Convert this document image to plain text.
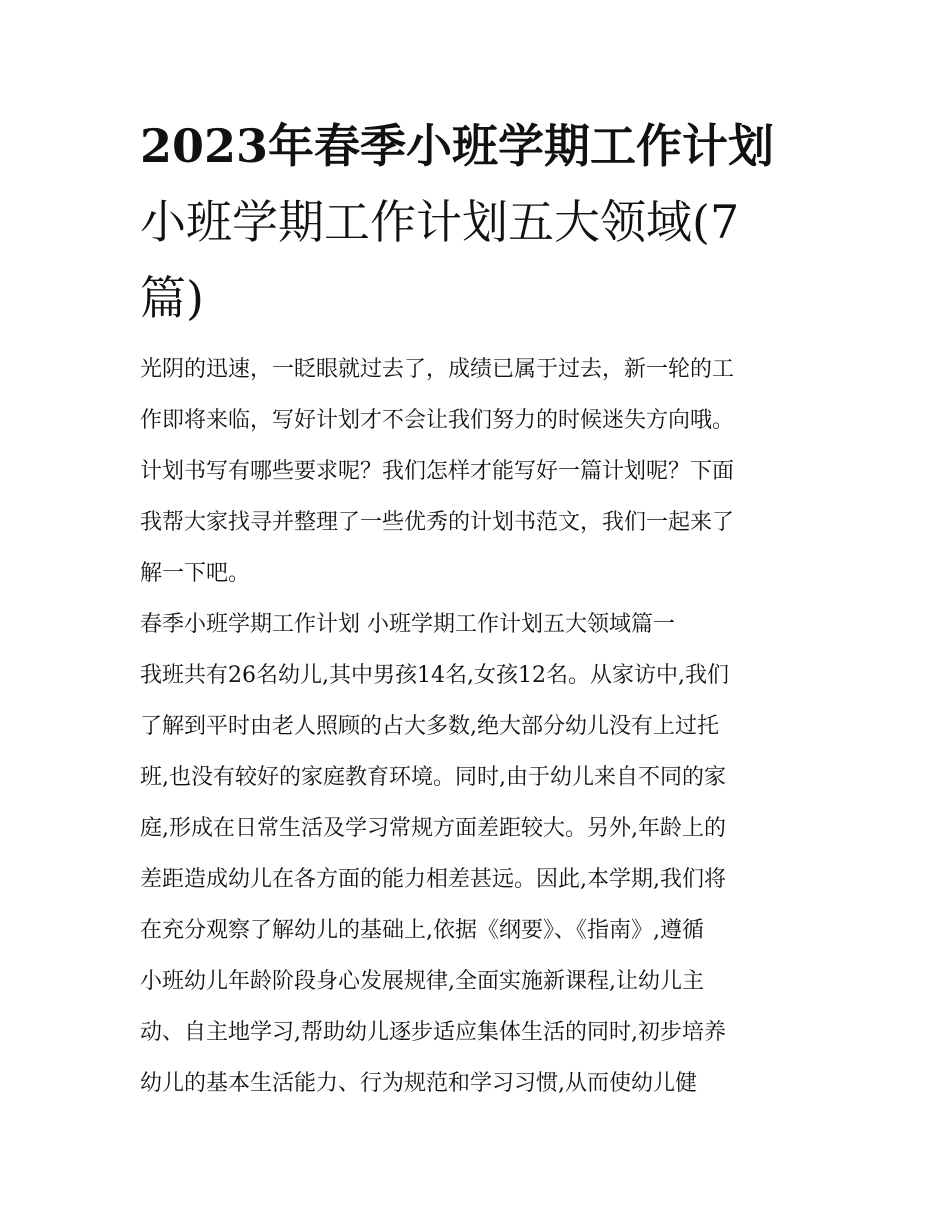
2023年春季小班学期工作计划
小班学期工作计划五大领域(7
篇)
光阴的迅速，一眨眼就过去了，成绩已属于过去，新一轮的工
作即将来临，写好计划才不会让我们努力的时候迷失方向哦。
计划书写有哪些要求呢？我们怎样才能写好一篇计划呢？下面
我帮大家找寻并整理了一些优秀的计划书范文，我们一起来了
解一下吧。
春季小班学期工作计划 小班学期工作计划五大领域篇一
我班共有26名幼儿,其中男孩14名,女孩12名。从家访中,我们
了解到平时由老人照顾的占大多数,绝大部分幼儿没有上过托
班,也没有较好的家庭教育环境。同时,由于幼儿来自不同的家
庭,形成在日常生活及学习常规方面差距较大。另外,年龄上的
差距造成幼儿在各方面的能力相差甚远。因此,本学期,我们将
在充分观察了解幼儿的基础上,依据《纲要》、《指南》,遵循
小班幼儿年龄阶段身心发展规律,全面实施新课程,让幼儿主
动、自主地学习,帮助幼儿逐步适应集体生活的同时,初步培养
幼儿的基本生活能力、行为规范和学习习惯,从而使幼儿健
